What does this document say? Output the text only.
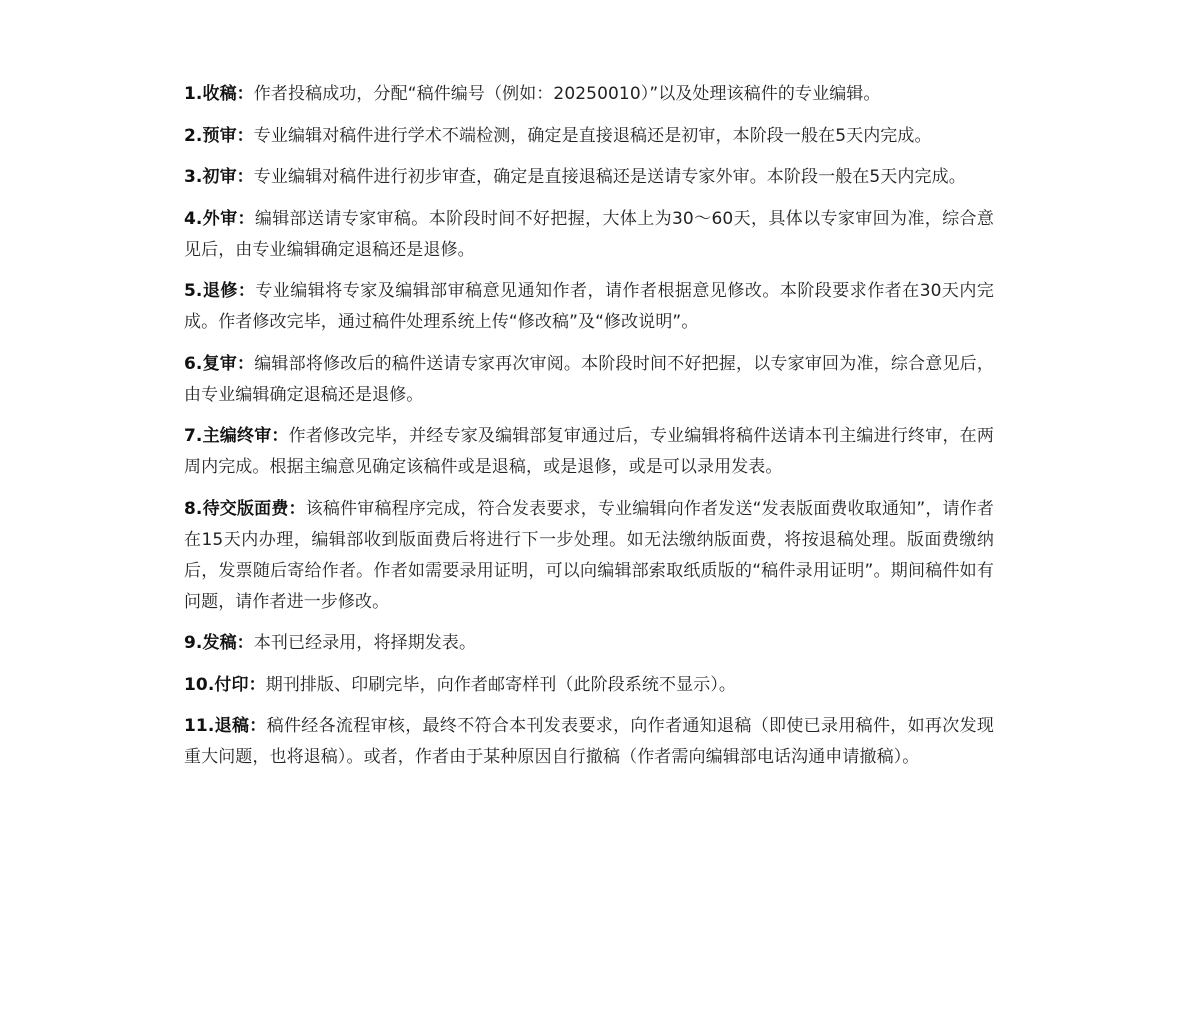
1.收稿：作者投稿成功，分配“稿件编号（例如：20250010）”以及处理该稿件的专业编辑。

2.预审：专业编辑对稿件进行学术不端检测，确定是直接退稿还是初审，本阶段一般在5天内完成。

3.初审：专业编辑对稿件进行初步审查，确定是直接退稿还是送请专家外审。本阶段一般在5天内完成。

4.外审：编辑部送请专家审稿。本阶段时间不好把握，大体上为30～60天，具体以专家审回为准，综合意见后，由专业编辑确定退稿还是退修。

5.退修：专业编辑将专家及编辑部审稿意见通知作者，请作者根据意见修改。本阶段要求作者在30天内完成。作者修改完毕，通过稿件处理系统上传“修改稿”及“修改说明”。

6.复审：编辑部将修改后的稿件送请专家再次审阅。本阶段时间不好把握，以专家审回为准，综合意见后，由专业编辑确定退稿还是退修。

7.主编终审：作者修改完毕，并经专家及编辑部复审通过后，专业编辑将稿件送请本刊主编进行终审，在两周内完成。根据主编意见确定该稿件或是退稿，或是退修，或是可以录用发表。

8.待交版面费：该稿件审稿程序完成，符合发表要求，专业编辑向作者发送“发表版面费收取通知”，请作者在15天内办理，编辑部收到版面费后将进行下一步处理。如无法缴纳版面费，将按退稿处理。版面费缴纳后，发票随后寄给作者。作者如需要录用证明，可以向编辑部索取纸质版的“稿件录用证明”。期间稿件如有问题，请作者进一步修改。

9.发稿：本刊已经录用，将择期发表。

10.付印：期刊排版、印刷完毕，向作者邮寄样刊（此阶段系统不显示）。

11.退稿：稿件经各流程审核，最终不符合本刊发表要求，向作者通知退稿（即使已录用稿件，如再次发现重大问题，也将退稿）。或者，作者由于某种原因自行撤稿（作者需向编辑部电话沟通申请撤稿）。
